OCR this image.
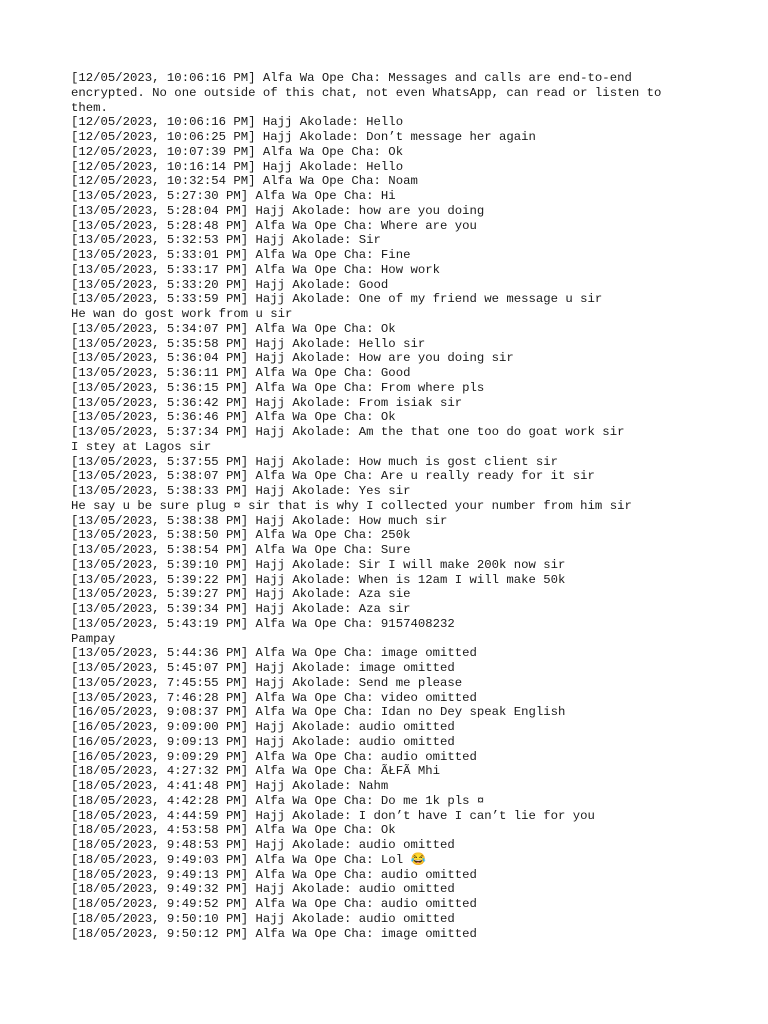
[12/05/2023, 10:06:16 PM] Alfa Wa Ope Cha: Messages and calls are end-to-end
encrypted. No one outside of this chat, not even WhatsApp, can read or listen to
them.
[12/05/2023, 10:06:16 PM] Hajj Akolade: Hello
[12/05/2023, 10:06:25 PM] Hajj Akolade: Don’t message her again
[12/05/2023, 10:07:39 PM] Alfa Wa Ope Cha: Ok
[12/05/2023, 10:16:14 PM] Hajj Akolade: Hello
[12/05/2023, 10:32:54 PM] Alfa Wa Ope Cha: Noam
[13/05/2023, 5:27:30 PM] Alfa Wa Ope Cha: Hi
[13/05/2023, 5:28:04 PM] Hajj Akolade: how are you doing
[13/05/2023, 5:28:48 PM] Alfa Wa Ope Cha: Where are you
[13/05/2023, 5:32:53 PM] Hajj Akolade: Sir
[13/05/2023, 5:33:01 PM] Alfa Wa Ope Cha: Fine
[13/05/2023, 5:33:17 PM] Alfa Wa Ope Cha: How work
[13/05/2023, 5:33:20 PM] Hajj Akolade: Good
[13/05/2023, 5:33:59 PM] Hajj Akolade: One of my friend we message u sir
He wan do gost work from u sir
[13/05/2023, 5:34:07 PM] Alfa Wa Ope Cha: Ok
[13/05/2023, 5:35:58 PM] Hajj Akolade: Hello sir
[13/05/2023, 5:36:04 PM] Hajj Akolade: How are you doing sir
[13/05/2023, 5:36:11 PM] Alfa Wa Ope Cha: Good
[13/05/2023, 5:36:15 PM] Alfa Wa Ope Cha: From where pls
[13/05/2023, 5:36:42 PM] Hajj Akolade: From isiak sir
[13/05/2023, 5:36:46 PM] Alfa Wa Ope Cha: Ok
[13/05/2023, 5:37:34 PM] Hajj Akolade: Am the that one too do goat work sir
I stey at Lagos sir
[13/05/2023, 5:37:55 PM] Hajj Akolade: How much is gost client sir
[13/05/2023, 5:38:07 PM] Alfa Wa Ope Cha: Are u really ready for it sir
[13/05/2023, 5:38:33 PM] Hajj Akolade: Yes sir
He say u be sure plug ¤ sir that is why I collected your number from him sir
[13/05/2023, 5:38:38 PM] Hajj Akolade: How much sir
[13/05/2023, 5:38:50 PM] Alfa Wa Ope Cha: 250k
[13/05/2023, 5:38:54 PM] Alfa Wa Ope Cha: Sure
[13/05/2023, 5:39:10 PM] Hajj Akolade: Sir I will make 200k now sir
[13/05/2023, 5:39:22 PM] Hajj Akolade: When is 12am I will make 50k
[13/05/2023, 5:39:27 PM] Hajj Akolade: Aza sie
[13/05/2023, 5:39:34 PM] Hajj Akolade: Aza sir
[13/05/2023, 5:43:19 PM] Alfa Wa Ope Cha: 9157408232
Pampay
[13/05/2023, 5:44:36 PM] Alfa Wa Ope Cha: image omitted
[13/05/2023, 5:45:07 PM] Hajj Akolade: image omitted
[13/05/2023, 7:45:55 PM] Hajj Akolade: Send me please
[13/05/2023, 7:46:28 PM] Alfa Wa Ope Cha: video omitted
[16/05/2023, 9:08:37 PM] Alfa Wa Ope Cha: Idan no Dey speak English
[16/05/2023, 9:09:00 PM] Hajj Akolade: audio omitted
[16/05/2023, 9:09:13 PM] Hajj Akolade: audio omitted
[16/05/2023, 9:09:29 PM] Alfa Wa Ope Cha: audio omitted
[18/05/2023, 4:27:32 PM] Alfa Wa Ope Cha: ÃŁFÃ Mhi
[18/05/2023, 4:41:48 PM] Hajj Akolade: Nahm
[18/05/2023, 4:42:28 PM] Alfa Wa Ope Cha: Do me 1k pls ¤
[18/05/2023, 4:44:59 PM] Hajj Akolade: I don’t have I can’t lie for you
[18/05/2023, 4:53:58 PM] Alfa Wa Ope Cha: Ok
[18/05/2023, 9:48:53 PM] Hajj Akolade: audio omitted
[18/05/2023, 9:49:03 PM] Alfa Wa Ope Cha: Lol 😂
[18/05/2023, 9:49:13 PM] Alfa Wa Ope Cha: audio omitted
[18/05/2023, 9:49:32 PM] Hajj Akolade: audio omitted
[18/05/2023, 9:49:52 PM] Alfa Wa Ope Cha: audio omitted
[18/05/2023, 9:50:10 PM] Hajj Akolade: audio omitted
[18/05/2023, 9:50:12 PM] Alfa Wa Ope Cha: image omitted
